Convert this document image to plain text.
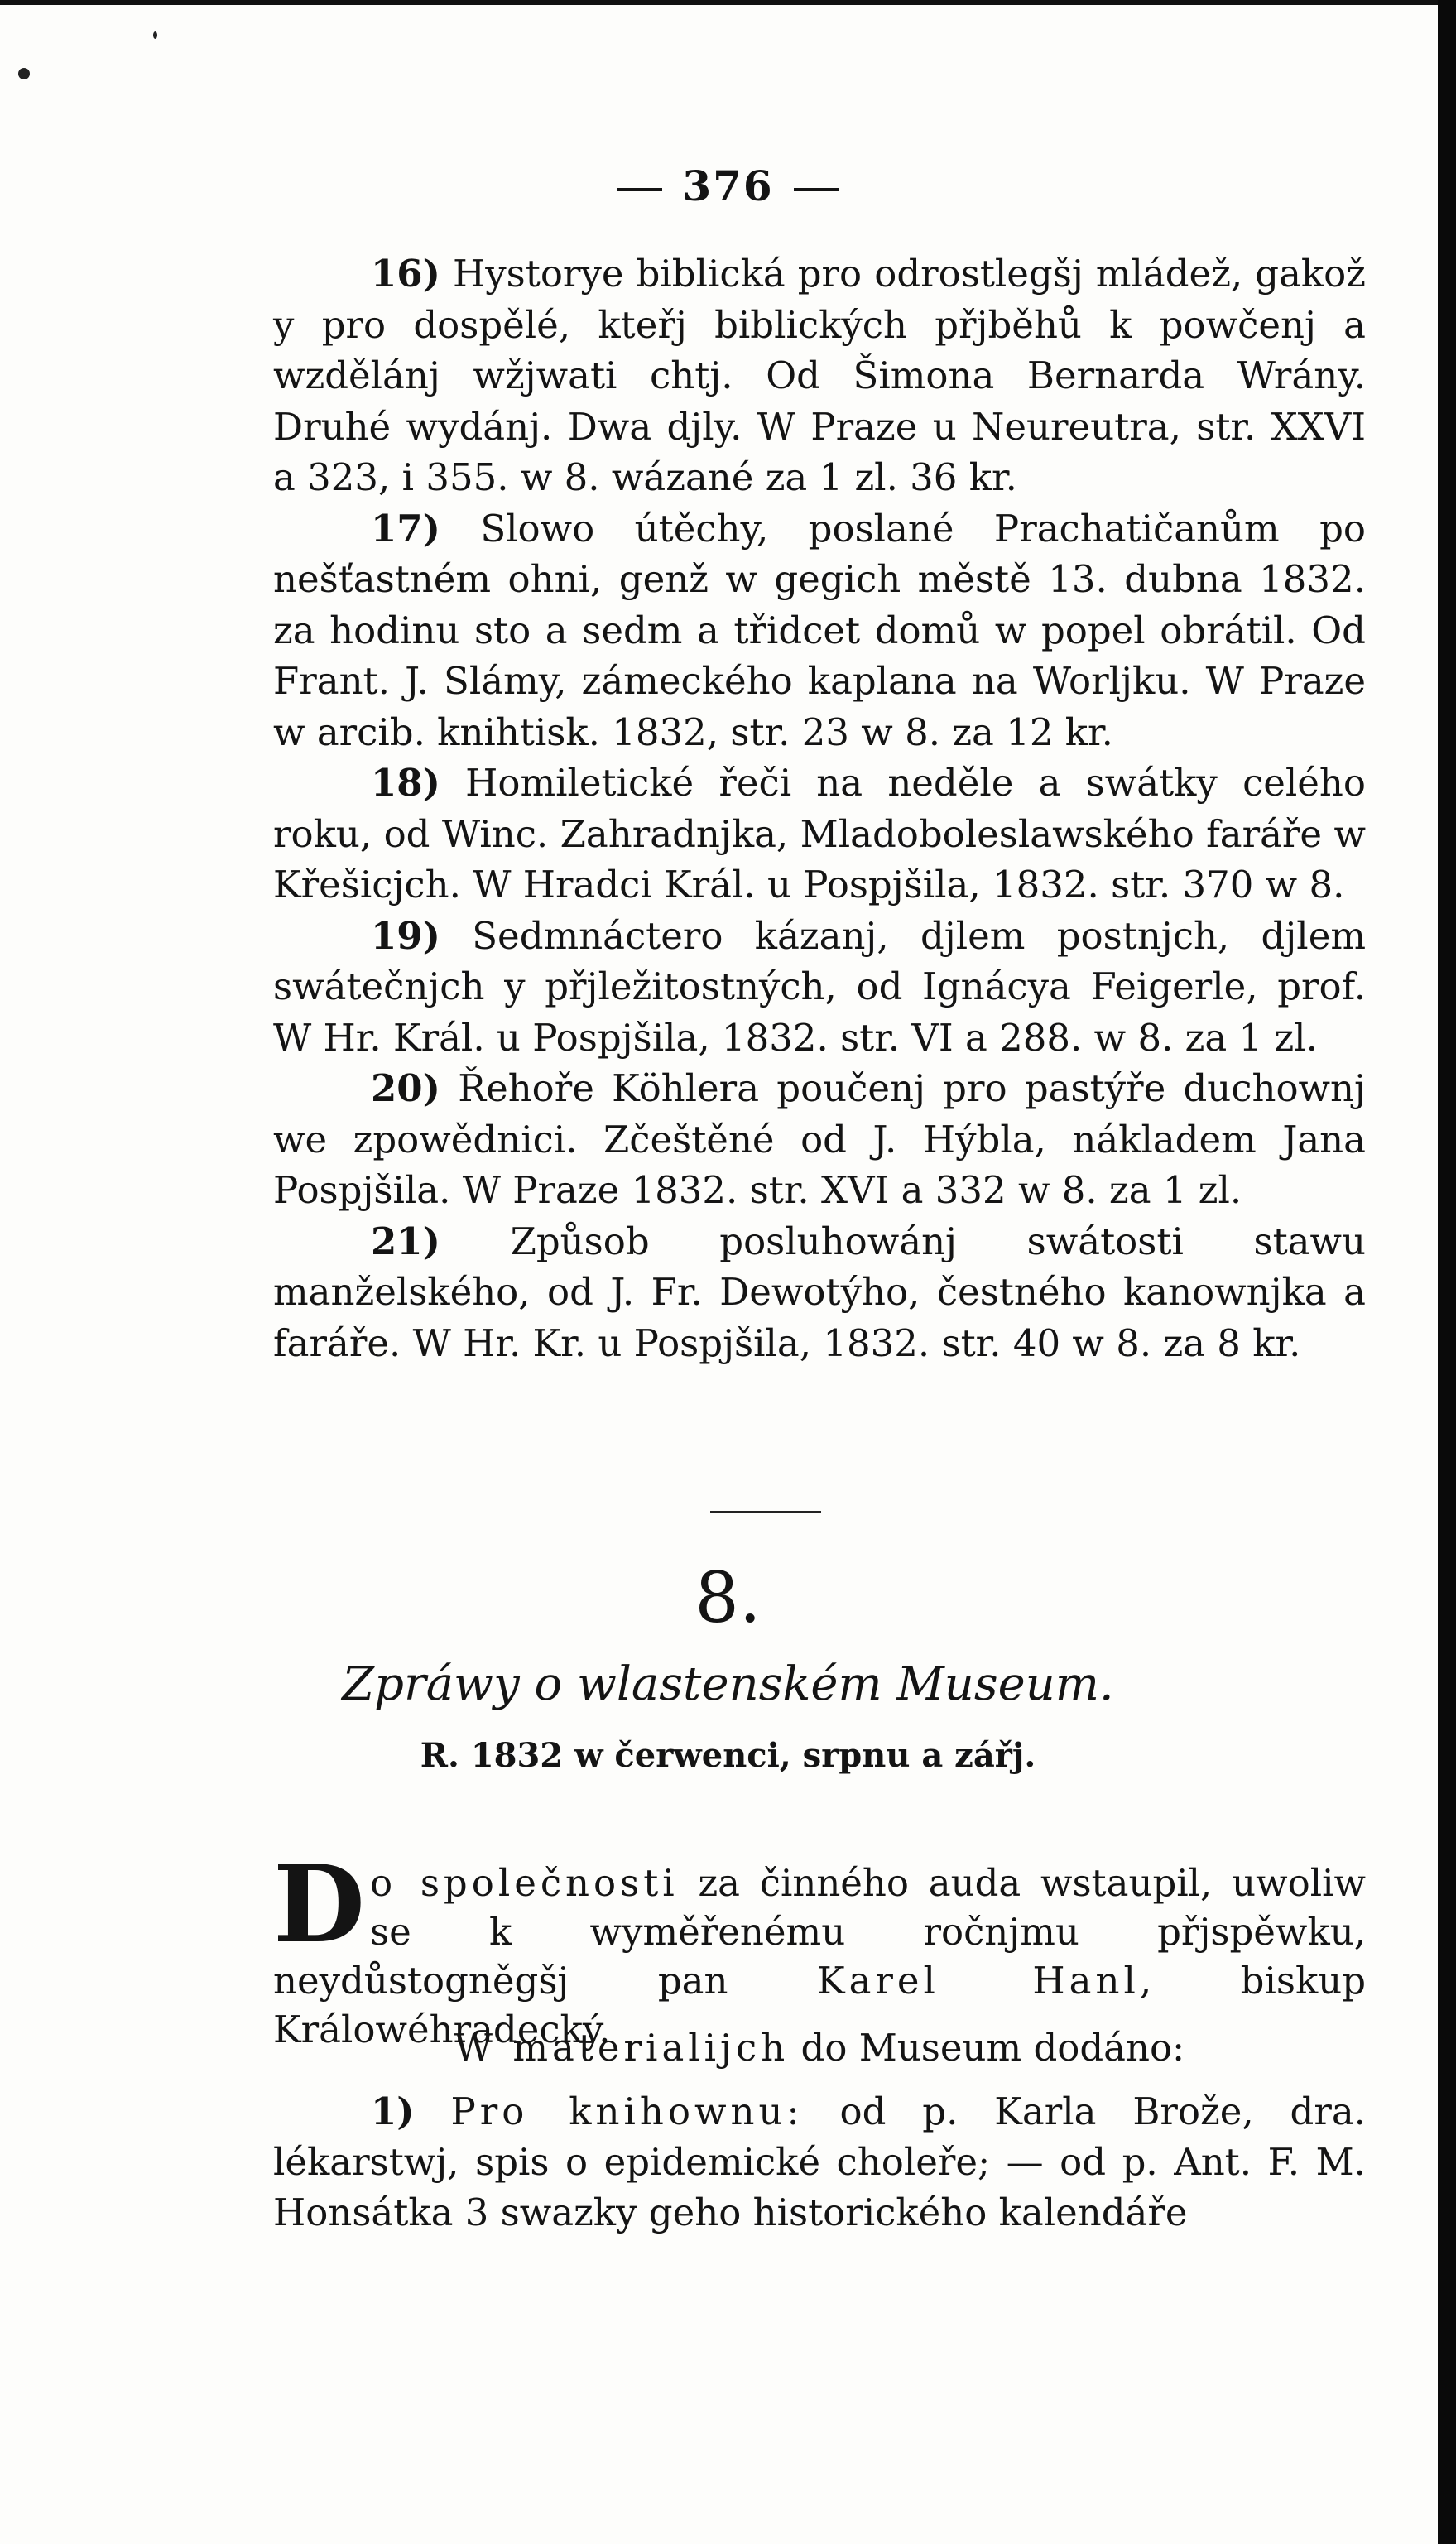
376

16) Hystorye biblická pro odrostlegšj mládež, gakož y pro dospělé, kteřj biblických přjběhů k powčenj a wzdělánj wžjwati chtj. Od Šimona Bernarda Wrány. Druhé wydánj. Dwa djly. W Praze u Neureutra, str. XXVI a 323, i 355. w 8. wázané za 1 zl. 36 kr.

17) Slowo útěchy, poslané Prachatičanům po nešťastném ohni, genž w gegich městě 13. dubna 1832. za hodinu sto a sedm a třidcet domů w popel obrátil. Od Frant. J. Slámy, zámeckého kaplana na Worljku. W Praze w arcib. knihtisk. 1832, str. 23 w 8. za 12 kr.

18) Homiletické řeči na neděle a swátky celého roku, od Winc. Zahradnjka, Mladoboleslawského faráře w Křešicjch. W Hradci Král. u Pospjšila, 1832. str. 370 w 8.

19) Sedmnáctero kázanj, djlem postnjch, djlem swátečnjch y přjležitostných, od Ignácya Feigerle, prof. W Hr. Král. u Pospjšila, 1832. str. VI a 288. w 8. za 1 zl.

20) Řehoře Köhlera poučenj pro pastýře duchownj we zpowědnici. Zčeštěné od J. Hýbla, nákladem Jana Pospjšila. W Praze 1832. str. XVI a 332 w 8. za 1 zl.

21) Způsob posluhowánj swátosti stawu manželského, od J. Fr. Dewotýho, čestného kanownjka a faráře. W Hr. Kr. u Pospjšila, 1832. str. 40 w 8. za 8 kr.

8.
Zpráwy o wlastenském Museum.
R. 1832 w čerwenci, srpnu a zářj.

Do společnosti za činného auda wstaupil, uwoliw se k wyměřenému ročnjmu přjspěwku, neydůstogněgšj pan Karel Hanl, biskup Králowéhradecký.

W materialijch do Museum dodáno:

1) Pro knihownu: od p. Karla Brože, dra. lékarstwj, spis o epidemické choleře; — od p. Ant. F. M. Honsátka 3 swazky geho historického kalendáře
